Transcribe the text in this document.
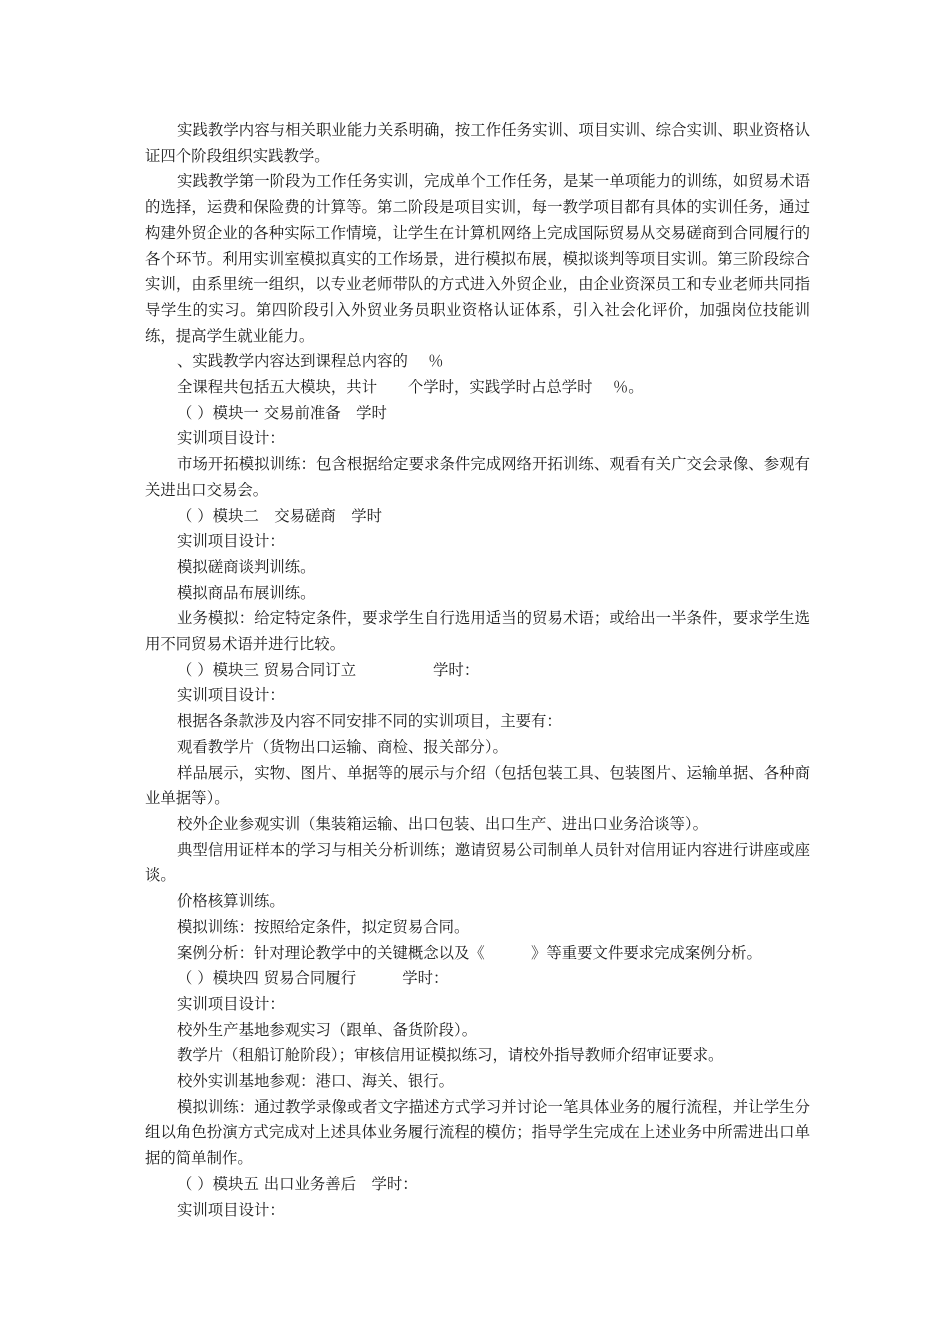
实践教学内容与相关职业能力关系明确，按工作任务实训、项目实训、综合实训、职业资格认证四个阶段组织实践教学。

实践教学第一阶段为工作任务实训，完成单个工作任务，是某一单项能力的训练，如贸易术语的选择，运费和保险费的计算等。第二阶段是项目实训，每一教学项目都有具体的实训任务，通过构建外贸企业的各种实际工作情境，让学生在计算机网络上完成国际贸易从交易磋商到合同履行的各个环节。利用实训室模拟真实的工作场景，进行模拟布展，模拟谈判等项目实训。第三阶段综合实训，由系里统一组织，以专业老师带队的方式进入外贸企业，由企业资深员工和专业老师共同指导学生的实习。第四阶段引入外贸业务员职业资格认证体系，引入社会化评价，加强岗位技能训练，提高学生就业能力。

、实践教学内容达到课程总内容的　 ％

全课程共包括五大模块，共计　　个学时，实践学时占总学时　 ％。

（ ）模块一 交易前准备　学时

实训项目设计：

市场开拓模拟训练：包含根据给定要求条件完成网络开拓训练、观看有关广交会录像、参观有关进出口交易会。

（ ）模块二　交易磋商　学时

实训项目设计：

模拟磋商谈判训练。

模拟商品布展训练。

业务模拟：给定特定条件，要求学生自行选用适当的贸易术语；或给出一半条件，要求学生选用不同贸易术语并进行比较。

（ ）模块三 贸易合同订立　　　　　学时：

实训项目设计：

根据各条款涉及内容不同安排不同的实训项目，主要有：

观看教学片（货物出口运输、商检、报关部分）。

样品展示，实物、图片、单据等的展示与介绍（包括包装工具、包装图片、运输单据、各种商业单据等）。

校外企业参观实训（集装箱运输、出口包装、出口生产、进出口业务洽谈等）。

典型信用证样本的学习与相关分析训练；邀请贸易公司制单人员针对信用证内容进行讲座或座谈。

价格核算训练。

模拟训练：按照给定条件，拟定贸易合同。

案例分析：针对理论教学中的关键概念以及《　　　》等重要文件要求完成案例分析。

（ ）模块四 贸易合同履行　　　学时：

实训项目设计：

校外生产基地参观实习（跟单、备货阶段）。

教学片（租船订舱阶段）；审核信用证模拟练习，请校外指导教师介绍审证要求。

校外实训基地参观：港口、海关、银行。

模拟训练：通过教学录像或者文字描述方式学习并讨论一笔具体业务的履行流程，并让学生分组以角色扮演方式完成对上述具体业务履行流程的模仿；指导学生完成在上述业务中所需进出口单据的简单制作。

（ ）模块五 出口业务善后　学时：

实训项目设计：
